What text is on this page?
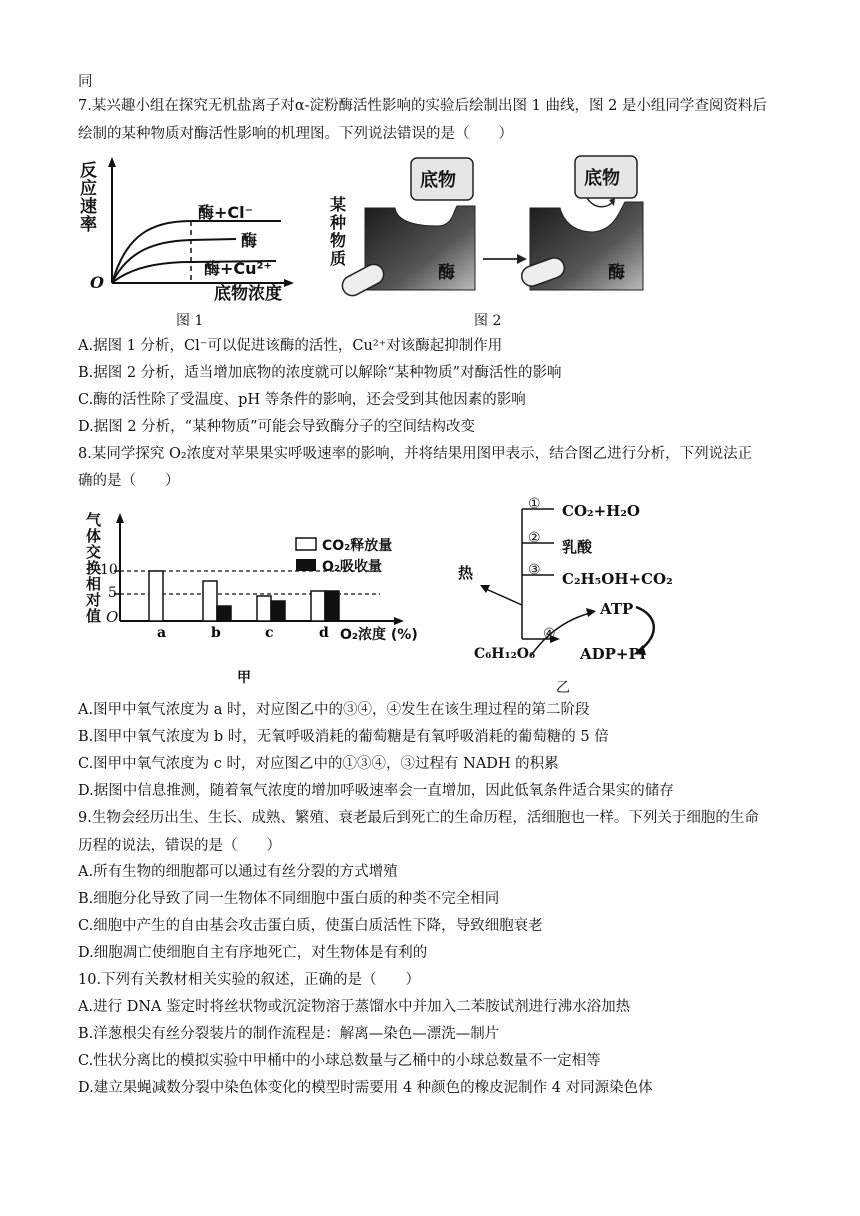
同
7.某兴趣小组在探究无机盐离子对α-淀粉酶活性影响的实验后绘制出图 1 曲线，图 2 是小组同学查阅资料后
绘制的某种物质对酶活性影响的机理图。下列说法错误的是（　　）
反应速率
酶+Cl⁻
酶
酶+Cu²⁺
O
底物浓度
图 1
底物	底物
某种物质
酶	酶
图 2
A.据图 1 分析，Cl⁻可以促进该酶的活性，Cu²⁺对该酶起抑制作用
B.据图 2 分析，适当增加底物的浓度就可以解除“某种物质”对酶活性的影响
C.酶的活性除了受温度、pH 等条件的影响，还会受到其他因素的影响
D.据图 2 分析，“某种物质”可能会导致酶分子的空间结构改变
8.某同学探究 O₂浓度对苹果果实呼吸速率的影响，并将结果用图甲表示，结合图乙进行分析，下列说法正
确的是（　　）
a	b	c	d
气体交换相对值
10
5
O
CO₂释放量
O₂吸收量
O₂浓度 (%)
甲
① CO₂+H₂O
② 乳酸
③ C₂H₅OH+CO₂
热
ATP
④
ADP+Pi
C₆H₁₂O₆
乙
A.图甲中氧气浓度为 a 时，对应图乙中的③④，④发生在该生理过程的第二阶段
B.图甲中氧气浓度为 b 时，无氧呼吸消耗的葡萄糖是有氧呼吸消耗的葡萄糖的 5 倍
C.图甲中氧气浓度为 c 时，对应图乙中的①③④，③过程有 NADH 的积累
D.据图中信息推测，随着氧气浓度的增加呼吸速率会一直增加，因此低氧条件适合果实的储存
9.生物会经历出生、生长、成熟、繁殖、衰老最后到死亡的生命历程，活细胞也一样。下列关于细胞的生命
历程的说法，错误的是（　　）
A.所有生物的细胞都可以通过有丝分裂的方式增殖
B.细胞分化导致了同一生物体不同细胞中蛋白质的种类不完全相同
C.细胞中产生的自由基会攻击蛋白质，使蛋白质活性下降，导致细胞衰老
D.细胞凋亡使细胞自主有序地死亡，对生物体是有利的
10.下列有关教材相关实验的叙述，正确的是（　　）
A.进行 DNA 鉴定时将丝状物或沉淀物溶于蒸馏水中并加入二苯胺试剂进行沸水浴加热
B.洋葱根尖有丝分裂装片的制作流程是：解离—染色—漂洗—制片
C.性状分离比的模拟实验中甲桶中的小球总数量与乙桶中的小球总数量不一定相等
D.建立果蝇减数分裂中染色体变化的模型时需要用 4 种颜色的橡皮泥制作 4 对同源染色体
